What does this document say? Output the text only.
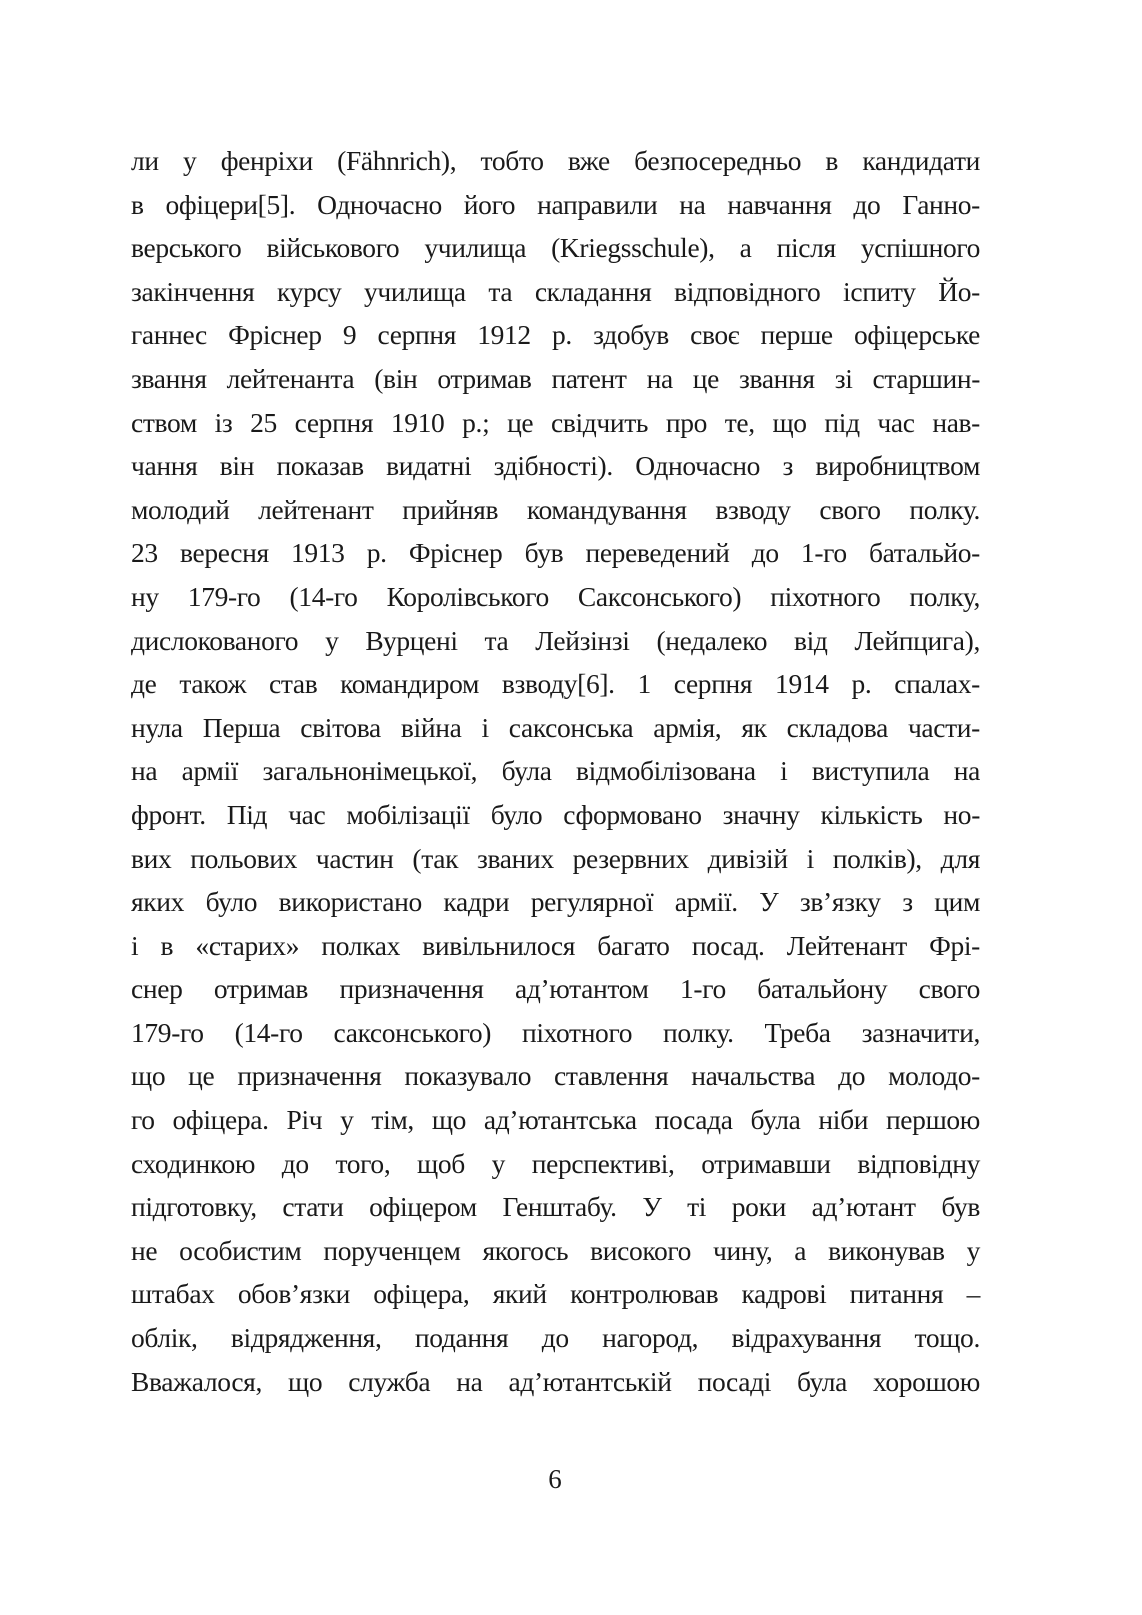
ли у фенріхи (Fähnrich), тобто вже безпосередньо в кандидати
в офіцери[5]. Одночасно його направили на навчання до Ганно-
верського військового училища (Kriegsschule), а після успішного
закінчення курсу училища та складання відповідного іспиту Йо-
ганнес Фріснер 9 серпня 1912 р. здобув своє перше офіцерське
звання лейтенанта (він отримав патент на це звання зі старшин-
ством із 25 серпня 1910 р.; це свідчить про те, що під час нав-
чання він показав видатні здібності). Одночасно з виробництвом
молодий лейтенант прийняв командування взводу свого полку.
23 вересня 1913 р. Фріснер був переведений до 1-го батальйо-
ну 179-го (14-го Королівського Саксонського) піхотного полку,
дислокованого у Вурцені та Лейзінзі (недалеко від Лейпцига),
де також став командиром взводу[6]. 1 серпня 1914 р. спалах-
нула Перша світова війна і саксонська армія, як складова части-
на армії загальнонімецької, була відмобілізована і виступила на
фронт. Під час мобілізації було сформовано значну кількість но-
вих польових частин (так званих резервних дивізій і полків), для
яких було використано кадри регулярної армії. У зв’язку з цим
і в «старих» полках вивільнилося багато посад. Лейтенант Фрі-
снер отримав призначення ад’ютантом 1-го батальйону свого
179-го (14-го саксонського) піхотного полку. Треба зазначити,
що це призначення показувало ставлення начальства до молодо-
го офіцера. Річ у тім, що ад’ютантська посада була ніби першою
сходинкою до того, щоб у перспективі, отримавши відповідну
підготовку, стати офіцером Генштабу. У ті роки ад’ютант був
не особистим порученцем якогось високого чину, а виконував у
штабах обов’язки офіцера, який контролював кадрові питання –
облік, відрядження, подання до нагород, відрахування тощо.
Вважалося, що служба на ад’ютантській посаді була хорошою
6
